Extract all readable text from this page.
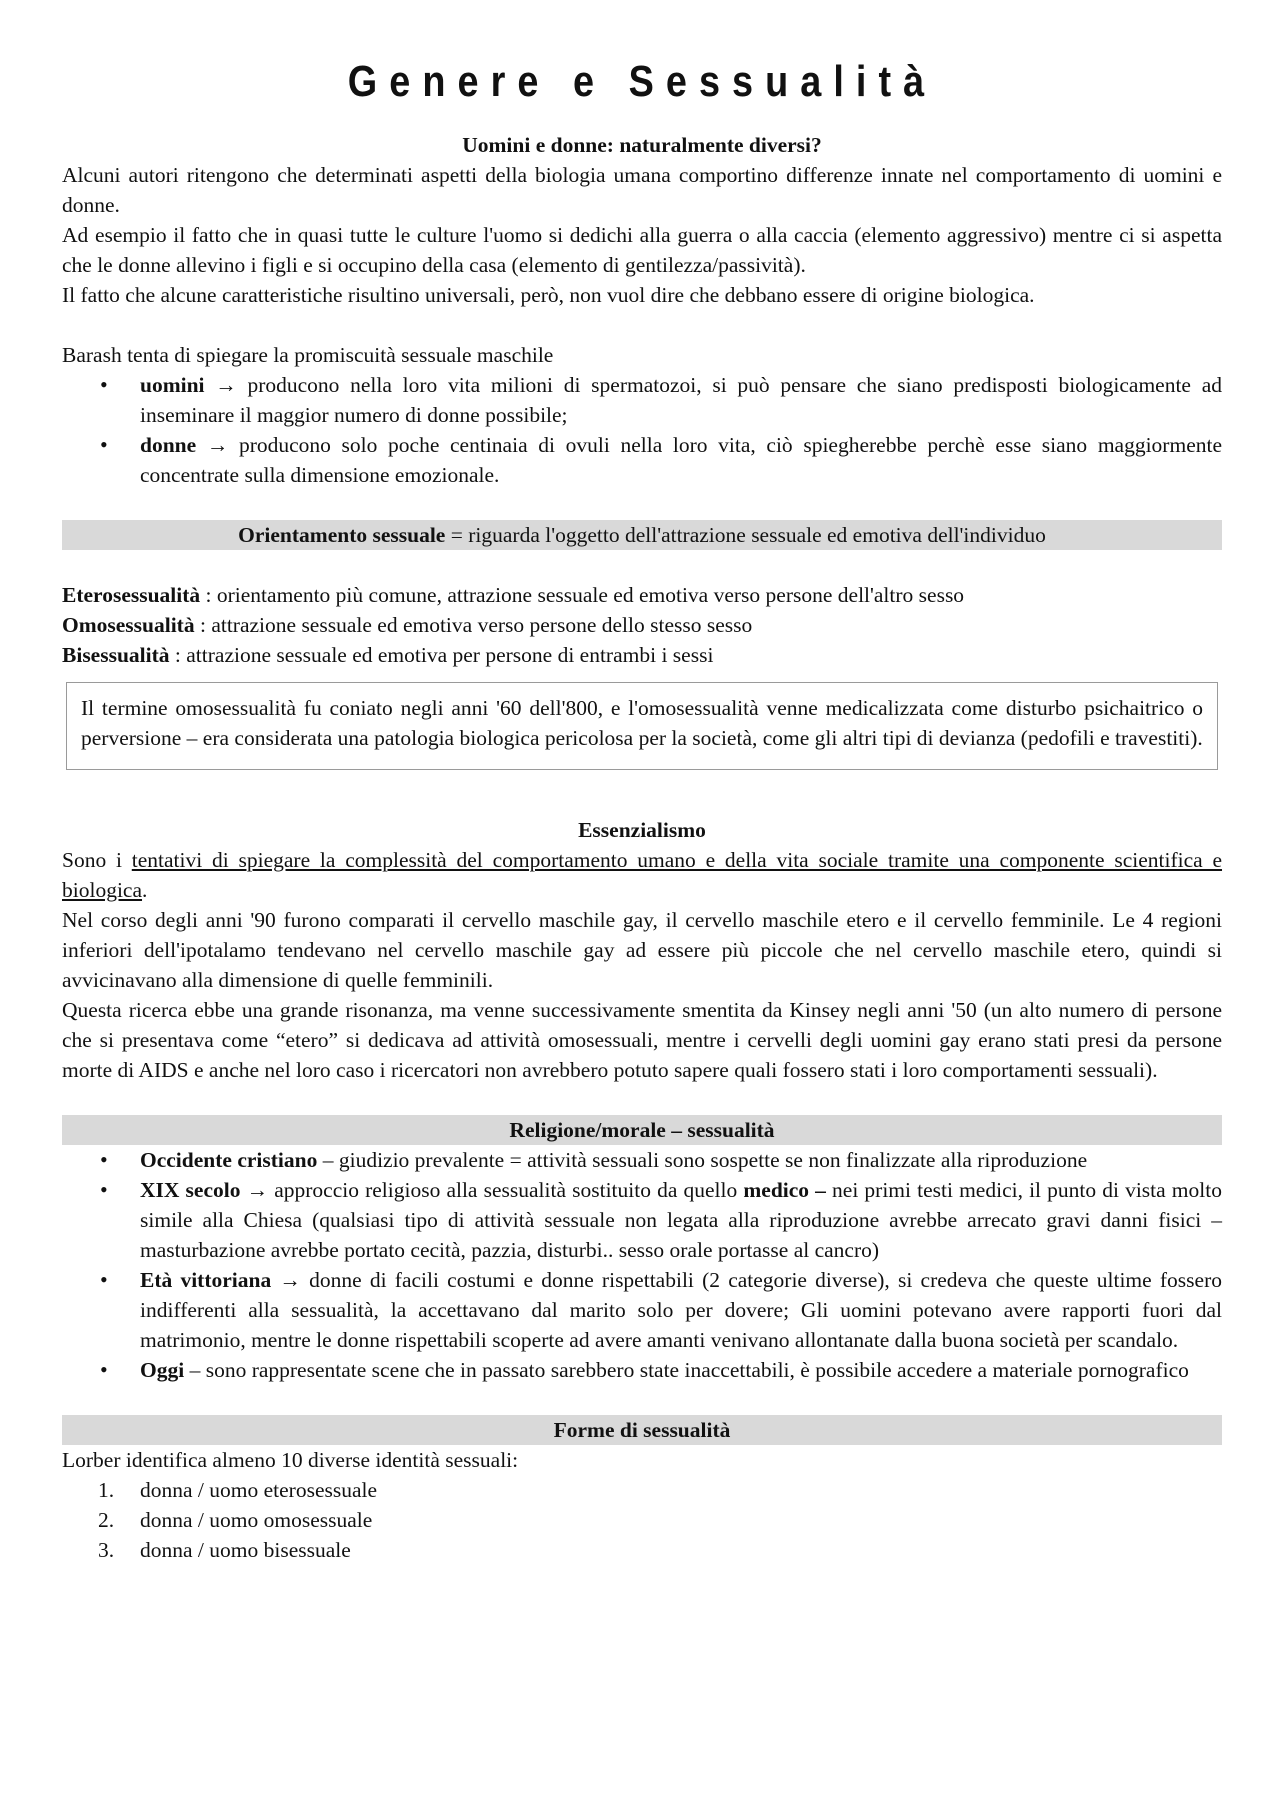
Genere e Sessualità

Uomini e donne: naturalmente diversi?

Alcuni autori ritengono che determinati aspetti della biologia umana comportino differenze innate nel comportamento di uomini e donne.

Ad esempio il fatto che in quasi tutte le culture l'uomo si dedichi alla guerra o alla caccia (elemento aggressivo) mentre ci si aspetta che le donne allevino i figli e si occupino della casa (elemento di gentilezza/passività).

Il fatto che alcune caratteristiche risultino universali, però, non vuol dire che debbano essere di origine biologica.

Barash tenta di spiegare la promiscuità sessuale maschile

• uomini → producono nella loro vita milioni di spermatozoi, si può pensare che siano predisposti biologicamente ad inseminare il maggior numero di donne possibile;
• donne → producono solo poche centinaia di ovuli nella loro vita, ciò spiegherebbe perchè esse siano maggiormente concentrate sulla dimensione emozionale.

Orientamento sessuale = riguarda l'oggetto dell'attrazione sessuale ed emotiva dell'individuo

Eterosessualità : orientamento più comune, attrazione sessuale ed emotiva verso persone dell'altro sesso

Omosessualità : attrazione sessuale ed emotiva verso persone dello stesso sesso

Bisessualità : attrazione sessuale ed emotiva per persone di entrambi i sessi

Il termine omosessualità fu coniato negli anni '60 dell'800, e l'omosessualità venne medicalizzata come disturbo psichaitrico o perversione – era considerata una patologia biologica pericolosa per la società, come gli altri tipi di devianza (pedofili e travestiti).

Essenzialismo

Sono i tentativi di spiegare la complessità del comportamento umano e della vita sociale tramite una componente scientifica e biologica.

Nel corso degli anni '90 furono comparati il cervello maschile gay, il cervello maschile etero e il cervello femminile. Le 4 regioni inferiori dell'ipotalamo tendevano nel cervello maschile gay ad essere più piccole che nel cervello maschile etero, quindi si avvicinavano alla dimensione di quelle femminili.

Questa ricerca ebbe una grande risonanza, ma venne successivamente smentita da Kinsey negli anni '50 (un alto numero di persone che si presentava come “etero” si dedicava ad attività omosessuali, mentre i cervelli degli uomini gay erano stati presi da persone morte di AIDS e anche nel loro caso i ricercatori non avrebbero potuto sapere quali fossero stati i loro comportamenti sessuali).

Religione/morale – sessualità

• Occidente cristiano – giudizio prevalente = attività sessuali sono sospette se non finalizzate alla riproduzione
• XIX secolo → approccio religioso alla sessualità sostituito da quello medico – nei primi testi medici, il punto di vista molto simile alla Chiesa (qualsiasi tipo di attività sessuale non legata alla riproduzione avrebbe arrecato gravi danni fisici – masturbazione avrebbe portato cecità, pazzia, disturbi.. sesso orale portasse al cancro)
• Età vittoriana → donne di facili costumi e donne rispettabili (2 categorie diverse), si credeva che queste ultime fossero indifferenti alla sessualità, la accettavano dal marito solo per dovere; Gli uomini potevano avere rapporti fuori dal matrimonio, mentre le donne rispettabili scoperte ad avere amanti venivano allontanate dalla buona società per scandalo.
• Oggi – sono rappresentate scene che in passato sarebbero state inaccettabili, è possibile accedere a materiale pornografico

Forme di sessualità

Lorber identifica almeno 10 diverse identità sessuali:

1. donna / uomo eterosessuale
2. donna / uomo omosessuale
3. donna / uomo bisessuale
